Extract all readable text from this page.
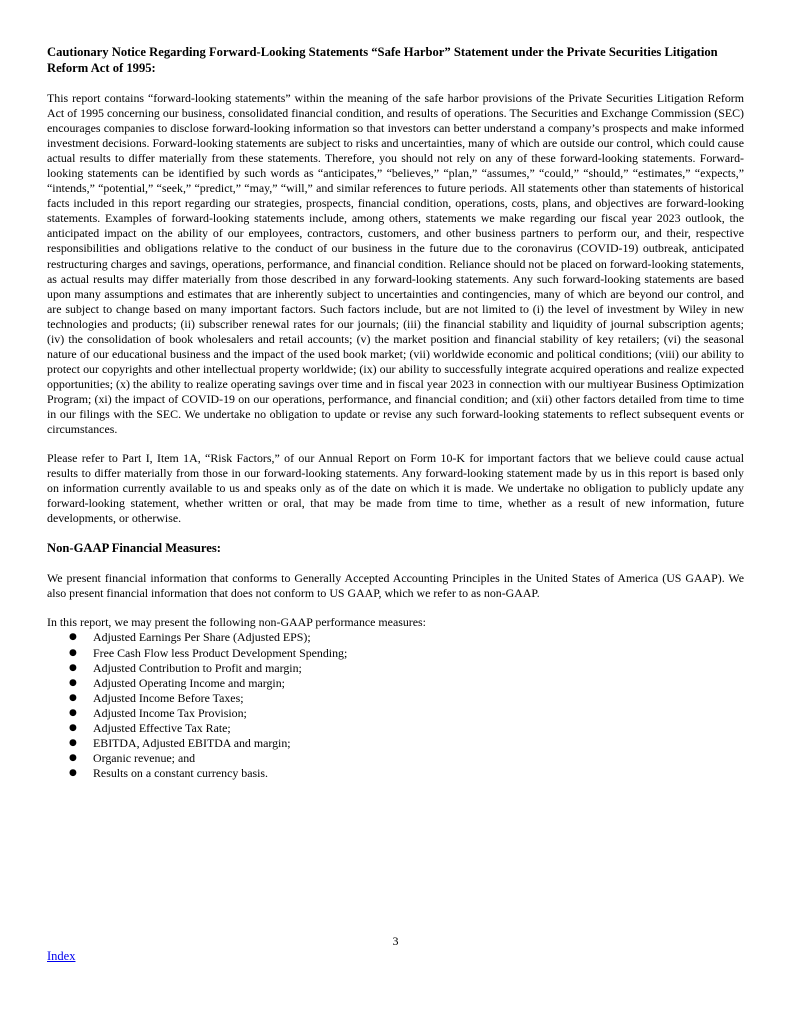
Cautionary Notice Regarding Forward-Looking Statements “Safe Harbor” Statement under the Private Securities Litigation Reform Act of 1995:

This report contains “forward-looking statements” within the meaning of the safe harbor provisions of the Private Securities Litigation Reform Act of 1995 concerning our business, consolidated financial condition, and results of operations. The Securities and Exchange Commission (SEC) encourages companies to disclose forward-looking information so that investors can better understand a company’s prospects and make informed investment decisions. Forward-looking statements are subject to risks and uncertainties, many of which are outside our control, which could cause actual results to differ materially from these statements. Therefore, you should not rely on any of these forward-looking statements. Forward-looking statements can be identified by such words as “anticipates,” “believes,” “plan,” “assumes,” “could,” “should,” “estimates,” “expects,” “intends,” “potential,” “seek,” “predict,” “may,” “will,” and similar references to future periods. All statements other than statements of historical facts included in this report regarding our strategies, prospects, financial condition, operations, costs, plans, and objectives are forward-looking statements. Examples of forward-looking statements include, among others, statements we make regarding our fiscal year 2023 outlook, the anticipated impact on the ability of our employees, contractors, customers, and other business partners to perform our, and their, respective responsibilities and obligations relative to the conduct of our business in the future due to the coronavirus (COVID-19) outbreak, anticipated restructuring charges and savings, operations, performance, and financial condition. Reliance should not be placed on forward-looking statements, as actual results may differ materially from those described in any forward-looking statements. Any such forward-looking statements are based upon many assumptions and estimates that are inherently subject to uncertainties and contingencies, many of which are beyond our control, and are subject to change based on many important factors. Such factors include, but are not limited to (i) the level of investment by Wiley in new technologies and products; (ii) subscriber renewal rates for our journals; (iii) the financial stability and liquidity of journal subscription agents; (iv) the consolidation of book wholesalers and retail accounts; (v) the market position and financial stability of key retailers; (vi) the seasonal nature of our educational business and the impact of the used book market; (vii) worldwide economic and political conditions; (viii) our ability to protect our copyrights and other intellectual property worldwide; (ix) our ability to successfully integrate acquired operations and realize expected opportunities; (x) the ability to realize operating savings over time and in fiscal year 2023 in connection with our multiyear Business Optimization Program; (xi) the impact of COVID-19 on our operations, performance, and financial condition; and (xii) other factors detailed from time to time in our filings with the SEC. We undertake no obligation to update or revise any such forward-looking statements to reflect subsequent events or circumstances.

Please refer to Part I, Item 1A, “Risk Factors,” of our Annual Report on Form 10-K for important factors that we believe could cause actual results to differ materially from those in our forward-looking statements. Any forward-looking statement made by us in this report is based only on information currently available to us and speaks only as of the date on which it is made. We undertake no obligation to publicly update any forward-looking statement, whether written or oral, that may be made from time to time, whether as a result of new information, future developments, or otherwise.

Non-GAAP Financial Measures:

We present financial information that conforms to Generally Accepted Accounting Principles in the United States of America (US GAAP). We also present financial information that does not conform to US GAAP, which we refer to as non-GAAP.

In this report, we may present the following non-GAAP performance measures:

● Adjusted Earnings Per Share (Adjusted EPS);
● Free Cash Flow less Product Development Spending;
● Adjusted Contribution to Profit and margin;
● Adjusted Operating Income and margin;
● Adjusted Income Before Taxes;
● Adjusted Income Tax Provision;
● Adjusted Effective Tax Rate;
● EBITDA, Adjusted EBITDA and margin;
● Organic revenue; and
● Results on a constant currency basis.
3
Index
